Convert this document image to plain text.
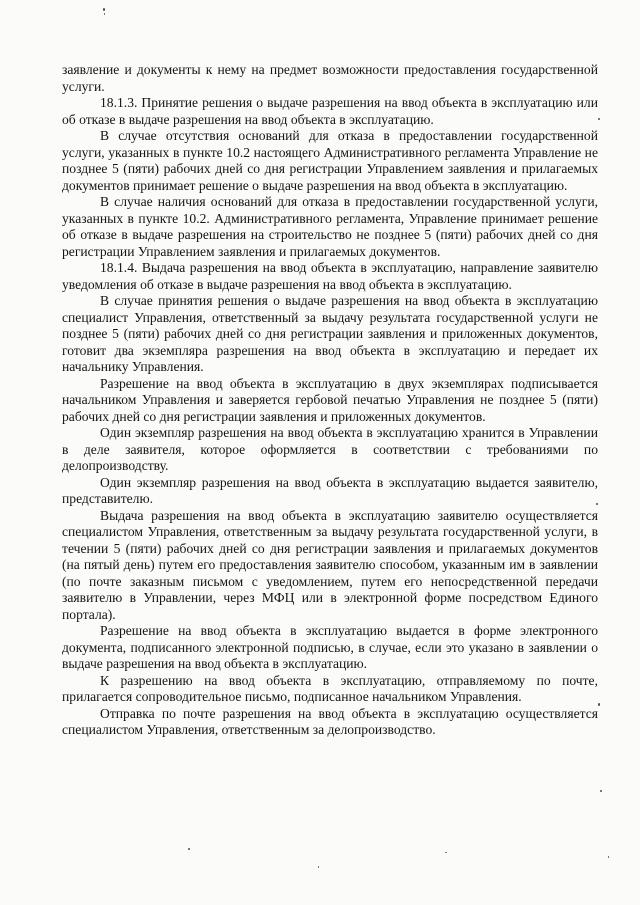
заявление и документы к нему на предмет возможности предоставления государственной услуги.

18.1.3. Принятие решения о выдаче разрешения на ввод объекта в эксплуатацию или об отказе в выдаче разрешения на ввод объекта в эксплуатацию.

В случае отсутствия оснований для отказа в предоставлении государственной услуги, указанных в пункте 10.2 настоящего Административного регламента Управление не позднее 5 (пяти) рабочих дней со дня регистрации Управлением заявления и прилагаемых документов принимает решение о выдаче разрешения на ввод объекта в эксплуатацию.

В случае наличия оснований для отказа в предоставлении государственной услуги, указанных в пункте 10.2. Административного регламента, Управление принимает решение об отказе в выдаче разрешения на строительство не позднее 5 (пяти) рабочих дней со дня регистрации Управлением заявления и прилагаемых документов.

18.1.4. Выдача разрешения на ввод объекта в эксплуатацию, направление заявителю уведомления об отказе в выдаче разрешения на ввод объекта в эксплуатацию.

В случае принятия решения о выдаче разрешения на ввод объекта в эксплуатацию специалист Управления, ответственный за выдачу результата государственной услуги не позднее 5 (пяти) рабочих дней со дня регистрации заявления и приложенных документов, готовит два экземпляра разрешения на ввод объекта в эксплуатацию и передает их начальнику Управления.

Разрешение на ввод объекта в эксплуатацию в двух экземплярах подписывается начальником Управления и заверяется гербовой печатью Управления не позднее 5 (пяти) рабочих дней со дня регистрации заявления и приложенных документов.

Один экземпляр разрешения на ввод объекта в эксплуатацию хранится в Управлении в деле заявителя, которое оформляется в соответствии с требованиями по делопроизводству.

Один экземпляр разрешения на ввод объекта в эксплуатацию выдается заявителю, представителю.

Выдача разрешения на ввод объекта в эксплуатацию заявителю осуществляется специалистом Управления, ответственным за выдачу результата государственной услуги, в течении 5 (пяти) рабочих дней со дня регистрации заявления и прилагаемых документов (на пятый день) путем его предоставления заявителю способом, указанным им в заявлении (по почте заказным письмом с уведомлением, путем его непосредственной передачи заявителю в Управлении, через МФЦ или в электронной форме посредством Единого портала).

Разрешение на ввод объекта в эксплуатацию выдается в форме электронного документа, подписанного электронной подписью, в случае, если это указано в заявлении о выдаче разрешения на ввод объекта в эксплуатацию.

К разрешению на ввод объекта в эксплуатацию, отправляемому по почте, прилагается сопроводительное письмо, подписанное начальником Управления.

Отправка по почте разрешения на ввод объекта в эксплуатацию осуществляется специалистом Управления, ответственным за делопроизводство.
